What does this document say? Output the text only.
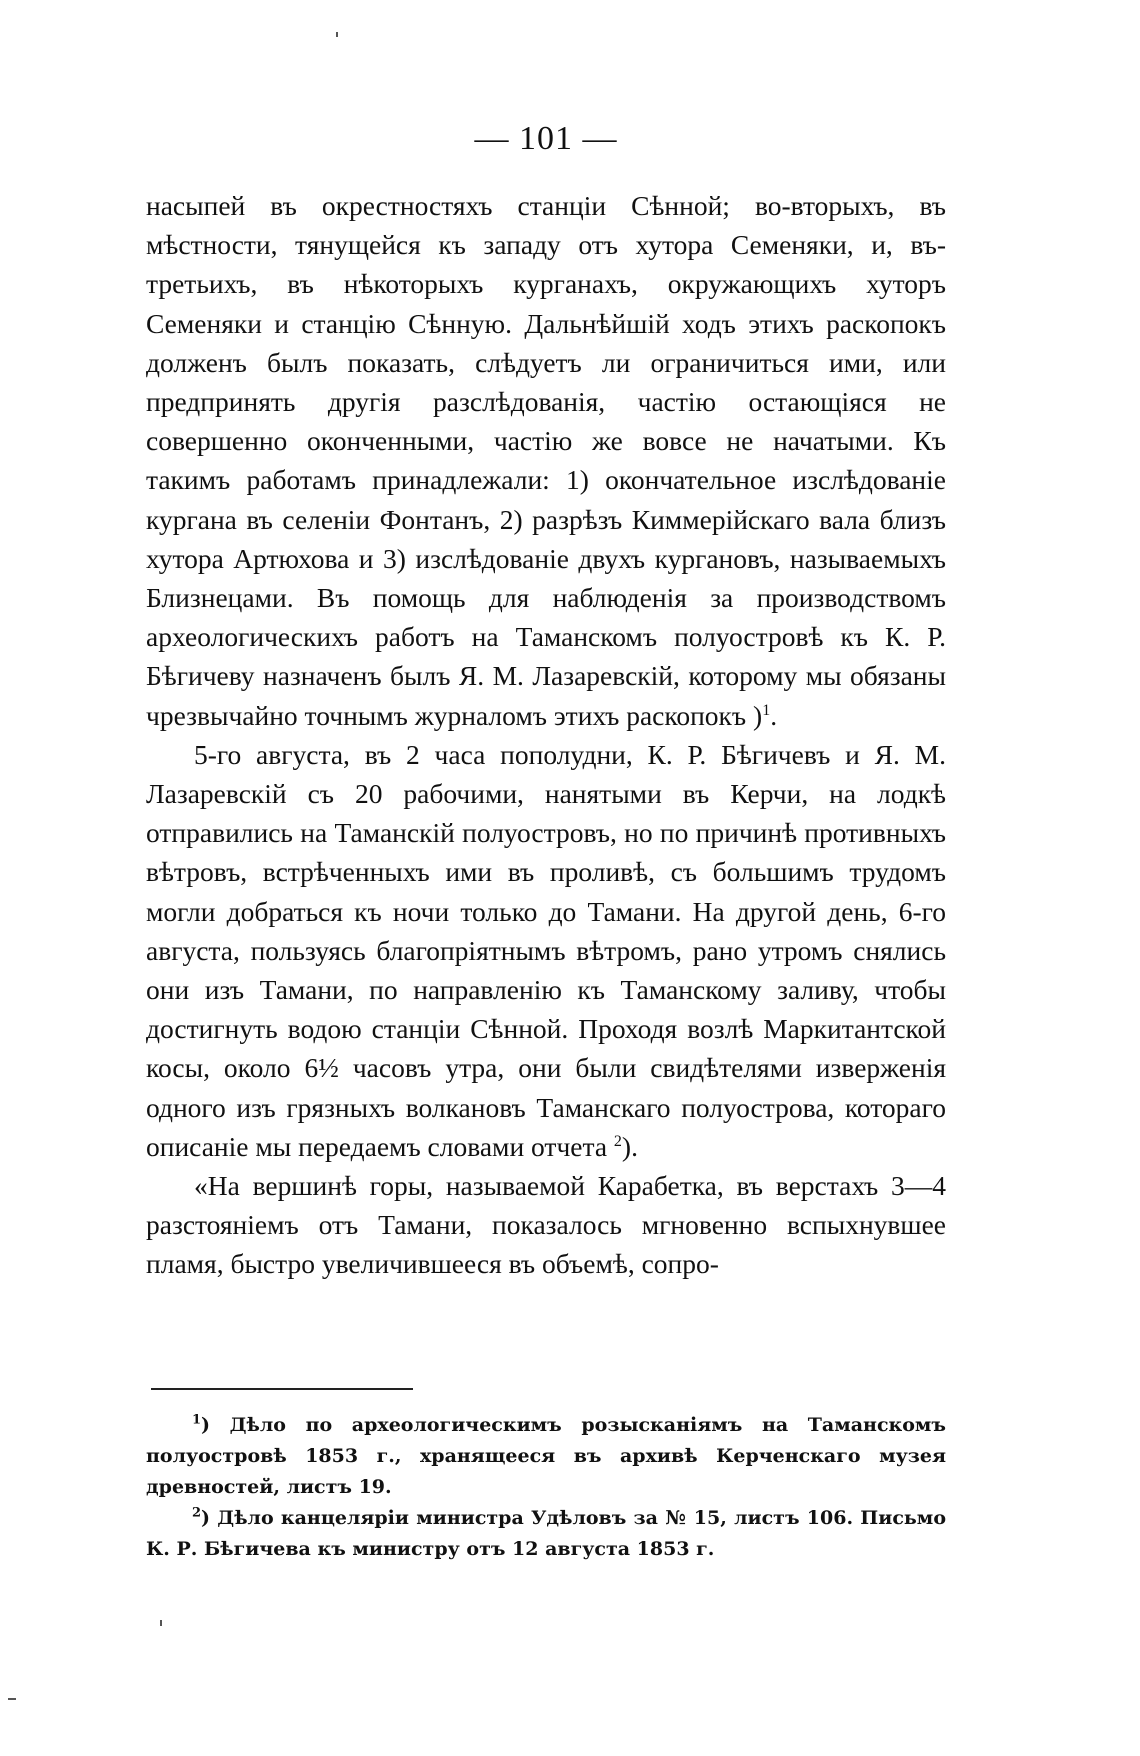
— 101 —

насыпей въ окрестностяхъ станціи Сѣнной; во-вторыхъ, въ мѣстности, тянущейся къ западу отъ хутора Семеняки, и, въ-третьихъ, въ нѣкоторыхъ курганахъ, окружающихъ хуторъ Семеняки и станцію Сѣнную. Дальнѣйшій ходъ этихъ раскопокъ долженъ былъ показать, слѣдуетъ ли ограничиться ими, или предпринять другія разслѣдованія, частію остающіяся не совершенно оконченными, частію же вовсе не начатыми. Къ такимъ работамъ принадлежали: 1) окончательное изслѣдованіе кургана въ селеніи Фонтанъ, 2) разрѣзъ Киммерійскаго вала близъ хутора Артюхова и 3) изслѣдованіе двухъ кургановъ, называемыхъ Близнецами. Въ помощь для наблюденія за производствомъ археологическихъ работъ на Таманскомъ полуостровѣ къ К. Р. Бѣгичеву назначенъ былъ Я. М. Лазаревскій, которому мы обязаны чрезвычайно точнымъ журналомъ этихъ раскопокъ )$^1$.

5-го августа, въ 2 часа пополудни, К. Р. Бѣгичевъ и Я. М. Лазаревскій съ 20 рабочими, нанятыми въ Керчи, на лодкѣ отправились на Таманскій полуостровъ, но по причинѣ противныхъ вѣтровъ, встрѣченныхъ ими въ проливѣ, съ большимъ трудомъ могли добраться къ ночи только до Тамани. На другой день, 6-го августа, пользуясь благопріятнымъ вѣтромъ, рано утромъ снялись они изъ Тамани, по направленію къ Таманскому заливу, чтобы достигнуть водою станціи Сѣнной. Проходя возлѣ Маркитантской косы, около 6½ часовъ утра, они были свидѣтелями изверженія одного изъ грязныхъ волкановъ Таманскаго полуострова, котораго описаніе мы передаемъ словами отчета $^2$).

«На вершинѣ горы, называемой Карабетка, въ верстахъ 3—4 разстояніемъ отъ Тамани, показалось мгновенно вспыхнувшее пламя, быстро увеличившееся въ объемѣ, сопро-

$^1$) Дѣло по археологическимъ розысканіямъ на Таманскомъ полуостровѣ 1853 г., хранящееся въ архивѣ Керченскаго музея древностей, листъ 19.

$^2$) Дѣло канцеляріи министра Удѣловъ за № 15, листъ 106. Письмо К. Р. Бѣгичева къ министру отъ 12 августа 1853 г.
